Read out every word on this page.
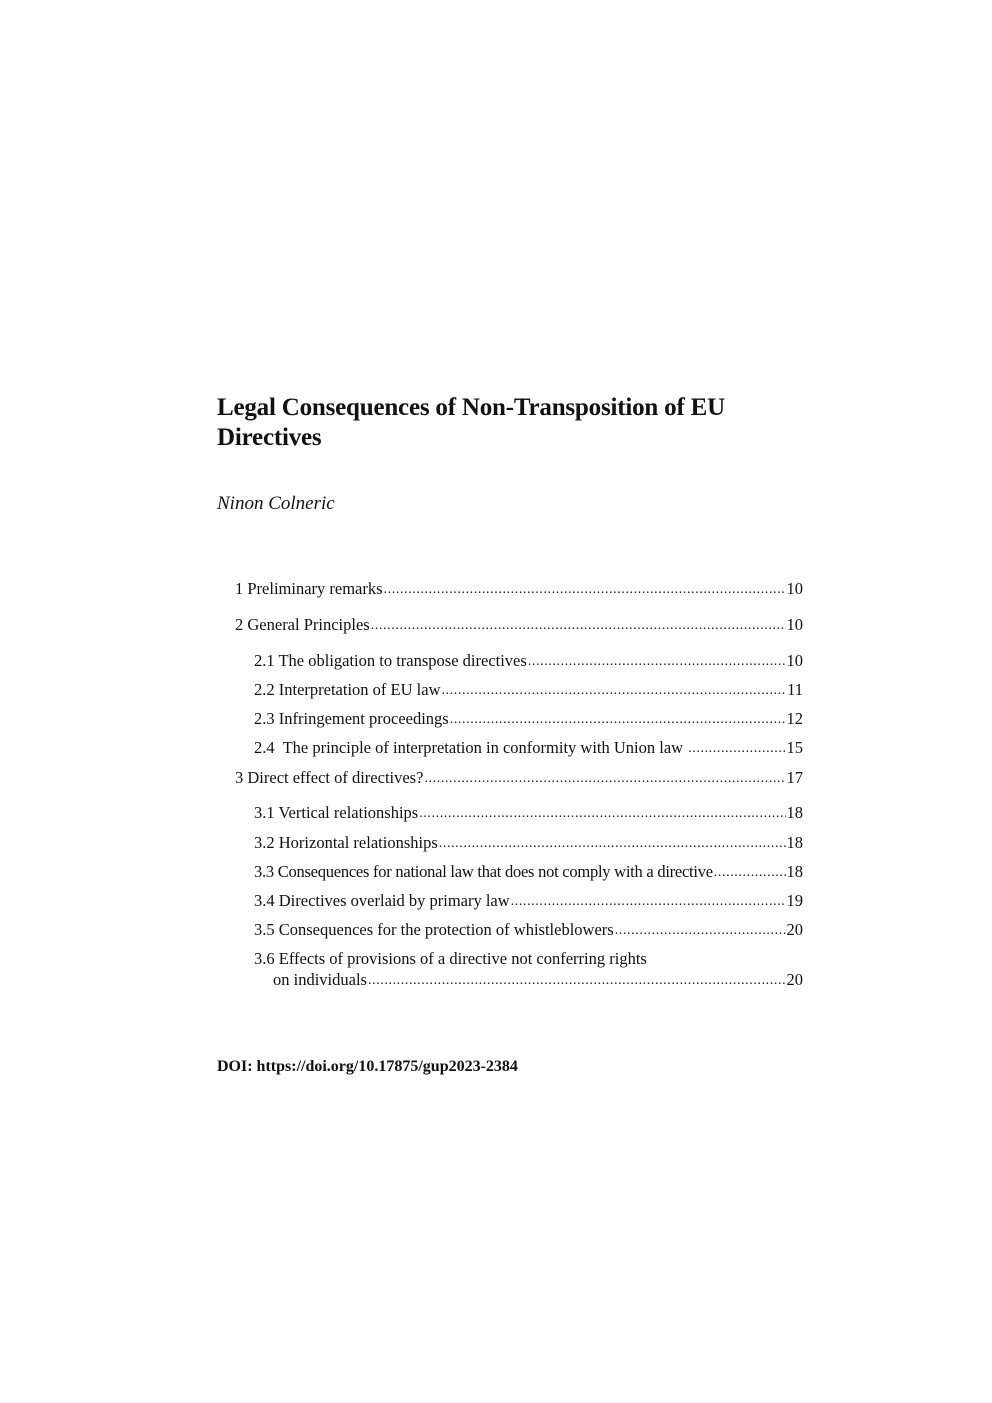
Legal Consequences of Non-Transposition of EU Directives

Ninon Colneric

1 Preliminary remarks .....	10
2 General Principles .....	10
2.1 The obligation to transpose directives .....	10
2.2 Interpretation of EU law .....	11
2.3 Infringement proceedings .....	12
2.4  The principle of interpretation in conformity with Union law .....	15
3 Direct effect of directives? .....	17
3.1 Vertical relationships .....	18
3.2 Horizontal relationships .....	18
3.3 Consequences for national law that does not comply with a directive .....	18
3.4 Directives overlaid by primary law .....	19
3.5 Consequences for the protection of whistleblowers .....	20
3.6 Effects of provisions of a directive not conferring rights
on individuals .....	20

DOI: https://doi.org/10.17875/gup2023-2384
